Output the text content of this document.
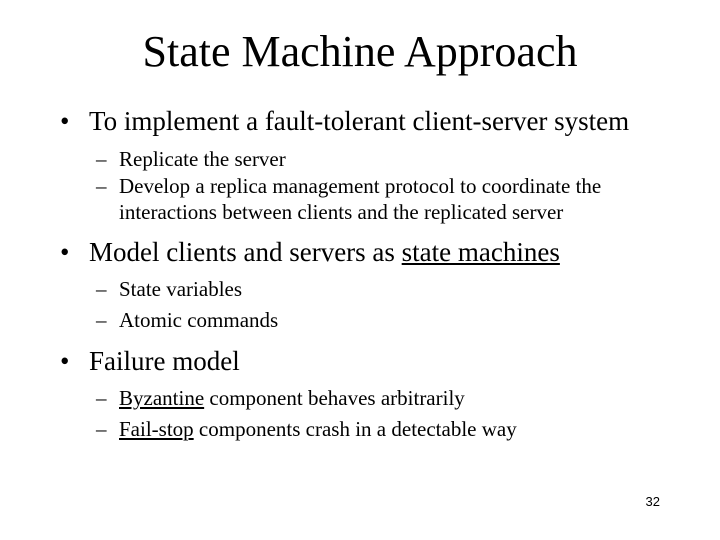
State Machine Approach
• To implement a fault-tolerant client-server system
– Replicate the server
– Develop a replica management protocol to coordinate the interactions between clients and the replicated server
• Model clients and servers as state machines
– State variables
– Atomic commands
• Failure model
– Byzantine component behaves arbitrarily
– Fail-stop components crash in a detectable way
32
